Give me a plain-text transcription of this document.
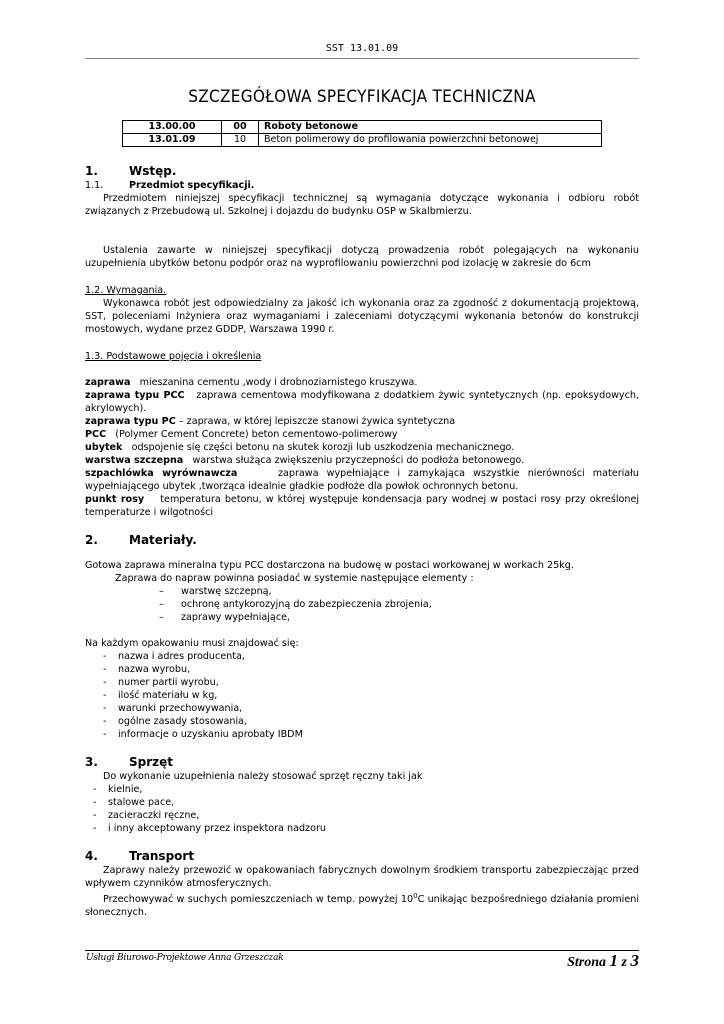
SST 13.01.09
SZCZEGÓŁOWA SPECYFIKACJA TECHNICZNA
13.00.00	00	Roboty betonowe
13.01.09	10	Beton polimerowy do profilowania powierzchni betonowej
1.	Wstęp.
1.1.	Przedmiot specyfikacji.

Przedmiotem niniejszej specyfikacji technicznej są wymagania dotyczące wykonania i odbioru robót związanych z Przebudową ul. Szkolnej i dojazdu do budynku OSP w Skalbmierzu.

Ustalenia zawarte w niniejszej specyfikacji dotyczą prowadzenia robót polegających na wykonaniu uzupełnienia ubytków betonu podpór oraz na wyprofilowaniu powierzchni pod izolację w zakresie do 6cm

1.2. Wymagania.

Wykonawca robót jest odpowiedzialny za jakość ich wykonania oraz za zgodność z dokumentacją projektową, SST, poleceniami Inżyniera oraz wymaganiami i zaleceniami dotyczącymi wykonania betonów do konstrukcji mostowych, wydane przez GDDP, Warszawa 1990 r.

1.3. Podstawowe pojęcia i określenia

zaprawa mieszanina cementu ,wody i drobnoziarnistego kruszywa.

zaprawa typu PCC zaprawa cementowa modyfikowana z dodatkiem żywic syntetycznych (np. epoksydowych, akrylowych).

zaprawa typu PC – zaprawa, w której lepiszcze stanowi żywica syntetyczna

PCC (Polymer Cement Concrete) beton cementowo-polimerowy

ubytek odspojenie się części betonu na skutek korozji lub uszkodzenia mechanicznego.

warstwa szczepna warstwa służąca zwiększeniu przyczepności do podłoża betonowego.

szpachlówka wyrównawcza	zaprawa wypełniające i zamykająca wszystkie nierówności materiału wypełniającego ubytek ,tworząca idealnie gładkie podłoże dla powłok ochronnych betonu.

punkt rosy temperatura betonu, w której występuje kondensacja pary wodnej w postaci rosy przy określonej temperaturze i wilgotności

2.	Materiały.

Gotowa zaprawa mineralna typu PCC dostarczona na budowę w postaci workowanej w workach 25kg.

Zaprawa do napraw powinna posiadać w systemie następujące elementy :

– warstwę szczepną,
– ochronę antykorozyjną do zabezpieczenia zbrojenia,
– zaprawy wypełniające,

Na każdym opakowaniu musi znajdować się:

- nazwa i adres producenta,
- nazwa wyrobu,
- numer partii wyrobu,
- ilość materiału w kg,
- warunki przechowywania,
- ogólne zasady stosowania,
- informacje o uzyskaniu aprobaty IBDM
3.	Sprzęt

Do wykonanie uzupełnienia należy stosować sprzęt ręczny taki jak

- kielnie,
- stalowe pace,
- zacieraczki ręczne,
- i inny akceptowany przez inspektora nadzoru
4.	Transport

Zaprawy należy przewozić w opakowaniach fabrycznych dowolnym środkiem transportu zabezpieczając przed wpływem czynników atmosferycznych.

Przechowywać w suchych pomieszczeniach w temp. powyżej $10^0C$ unikając bezpośredniego działania promieni słonecznych.

Usługi Biurowo-Projektowe Anna Grzeszczak	Strona 1 z 3
